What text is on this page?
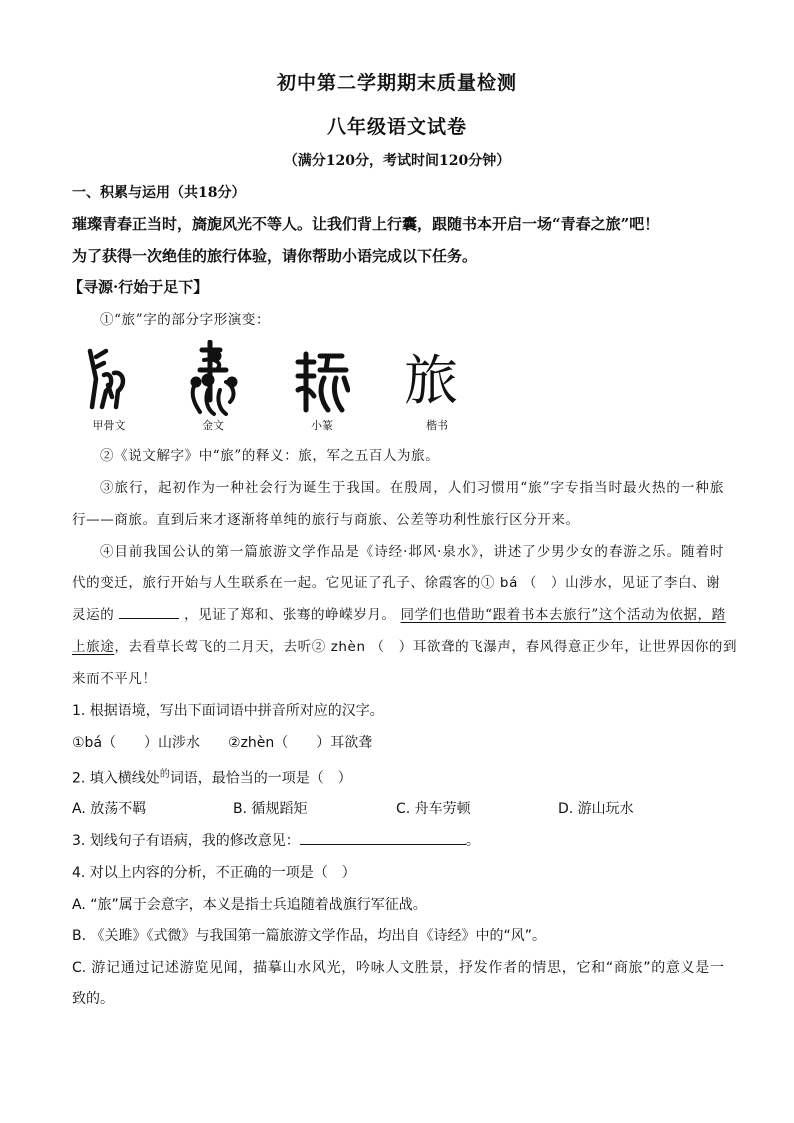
初中第二学期期末质量检测
八年级语文试卷
（满分120分，考试时间120分钟）
一、积累与运用（共18分）
璀璨青春正当时，旖旎风光不等人。让我们背上行囊，跟随书本开启一场“青春之旅”吧！
为了获得一次绝佳的旅行体验，请你帮助小语完成以下任务。
【寻源·行始于足下】
①“旅”字的部分字形演变：
旅
甲骨文	金文	小篆	楷书
②《说文解字》中“旅”的释义：旅，军之五百人为旅。
③旅行，起初作为一种社会行为诞生于我国。在殷周，人们习惯用“旅”字专指当时最火热的一种旅
行——商旅。直到后来才逐渐将单纯的旅行与商旅、公差等功利性旅行区分开来。
④目前我国公认的第一篇旅游文学作品是《诗经·邶风·泉水》，讲述了少男少女的春游之乐。随着时
代的变迁，旅行开始与人生联系在一起。它见证了孔子、徐霞客的① bá （　）山涉水，见证了李白、谢
灵运的	，见证了郑和、张骞的峥嵘岁月。 同学们也借助“跟着书本去旅行”这个活动为依据，踏
上旅途，去看草长莺飞的二月天，去听② zhèn （　）耳欲聋的飞瀑声，春风得意正少年，让世界因你的到
来而不平凡！
1. 根据语境，写出下面词语中拼音所对应的汉字。
①bá（　　）山涉水　　②zhèn（　　）耳欲聋
2. 填入横线处$^的$词语，最恰当的一项是（　）
A. 放荡不羁	B. 循规蹈矩	C. 舟车劳顿	D. 游山玩水
3. 划线句子有语病，我的修改意见：	。
4. 对以上内容的分析，不正确的一项是（　）
A. “旅”属于会意字，本义是指士兵追随着战旗行军征战。
B. 《关雎》《式微》与我国第一篇旅游文学作品，均出自《诗经》中的“风”。
C. 游记通过记述游览见闻，描摹山水风光，吟咏人文胜景，抒发作者的情思，它和“商旅”的意义是一
致的。
